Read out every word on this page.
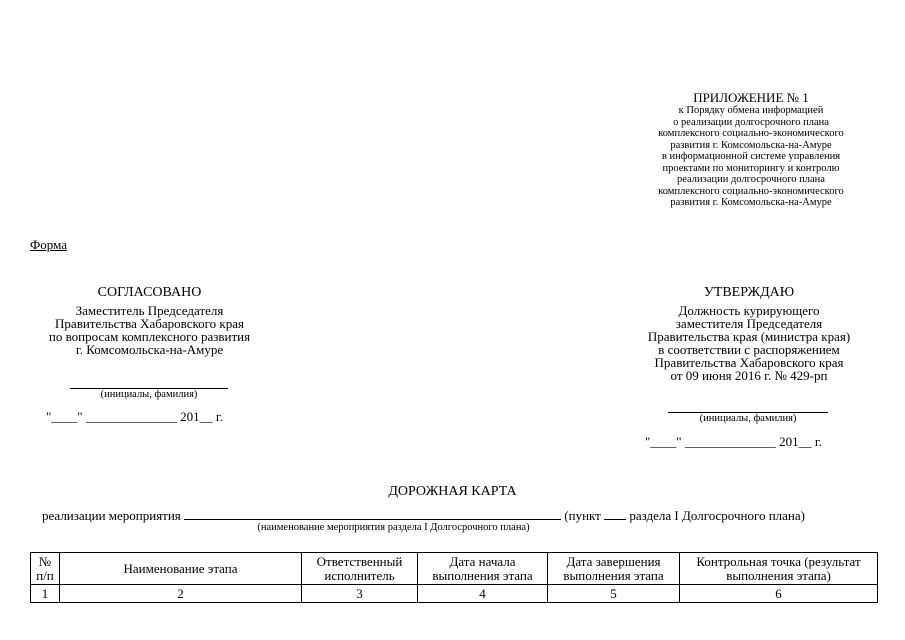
ПРИЛОЖЕНИЕ № 1
к Порядку обмена информацией
о реализации долгосрочного плана
комплексного социально-экономического
развития г. Комсомольска-на-Амуре
в информационной системе управления
проектами по мониторингу и контролю
реализации долгосрочного плана
комплексного социально-экономического
развития г. Комсомольска-на-Амуре
Форма
СОГЛАСОВАНО
Заместитель Председателя
Правительства Хабаровского края
по вопросам комплексного развития
г. Комсомольска-на-Амуре
(инициалы, фамилия)
"____" ______________ 201__ г.
УТВЕРЖДАЮ
Должность курирующего
заместителя Председателя
Правительства края (министра края)
в соответствии с распоряжением
Правительства Хабаровского края
от 09 июня 2016 г. № 429-рп
(инициалы, фамилия)
"____" ______________ 201__ г.
ДОРОЖНАЯ КАРТА
реализации мероприятия	(пункт раздела I Долгосрочного плана)
(наименование мероприятия раздела I Долгосрочного плана)
№ п/п	Наименование этапа	Ответственный исполнитель	Дата начала выполнения этапа	Дата завершения выполнения этапа	Контрольная точка (результат выполнения этапа)
1	2	3	4	5	6
